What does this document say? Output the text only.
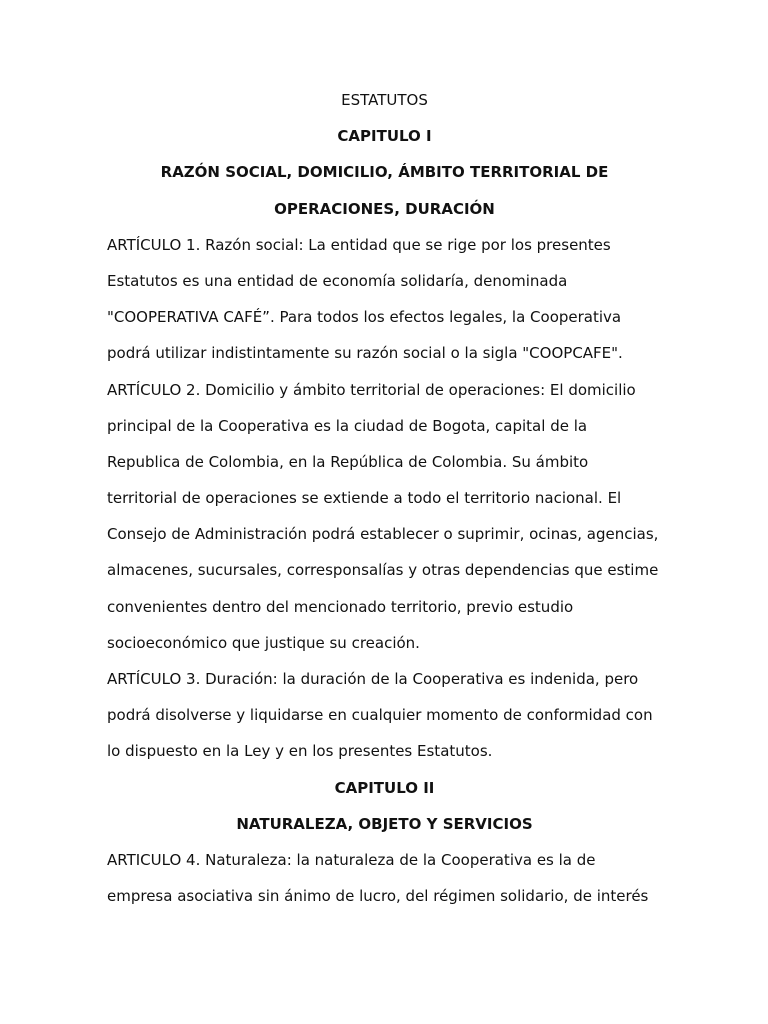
ESTATUTOS
CAPITULO I
RAZÓN SOCIAL, DOMICILIO, ÁMBITO TERRITORIAL DE
OPERACIONES, DURACIÓN
ARTÍCULO 1. Razón social: La entidad que se rige por los presentes
Estatutos es una entidad de economía solidaría, denominada
"COOPERATIVA CAFÉ”. Para todos los efectos legales, la Cooperativa
podrá utilizar indistintamente su razón social o la sigla "COOPCAFE".
ARTÍCULO 2. Domicilio y ámbito territorial de operaciones: El domicilio
principal de la Cooperativa es la ciudad de Bogota, capital de la
Republica de Colombia, en la República de Colombia. Su ámbito
territorial de operaciones se extiende a todo el territorio nacional. El
Consejo de Administración podrá establecer o suprimir, ocinas, agencias,
almacenes, sucursales, corresponsalías y otras dependencias que estime
convenientes dentro del mencionado territorio, previo estudio
socioeconómico que justique su creación.
ARTÍCULO 3. Duración: la duración de la Cooperativa es indenida, pero
podrá disolverse y liquidarse en cualquier momento de conformidad con
lo dispuesto en la Ley y en los presentes Estatutos.
CAPITULO II
NATURALEZA, OBJETO Y SERVICIOS
ARTICULO 4. Naturaleza: la naturaleza de la Cooperativa es la de
empresa asociativa sin ánimo de lucro, del régimen solidario, de interés
